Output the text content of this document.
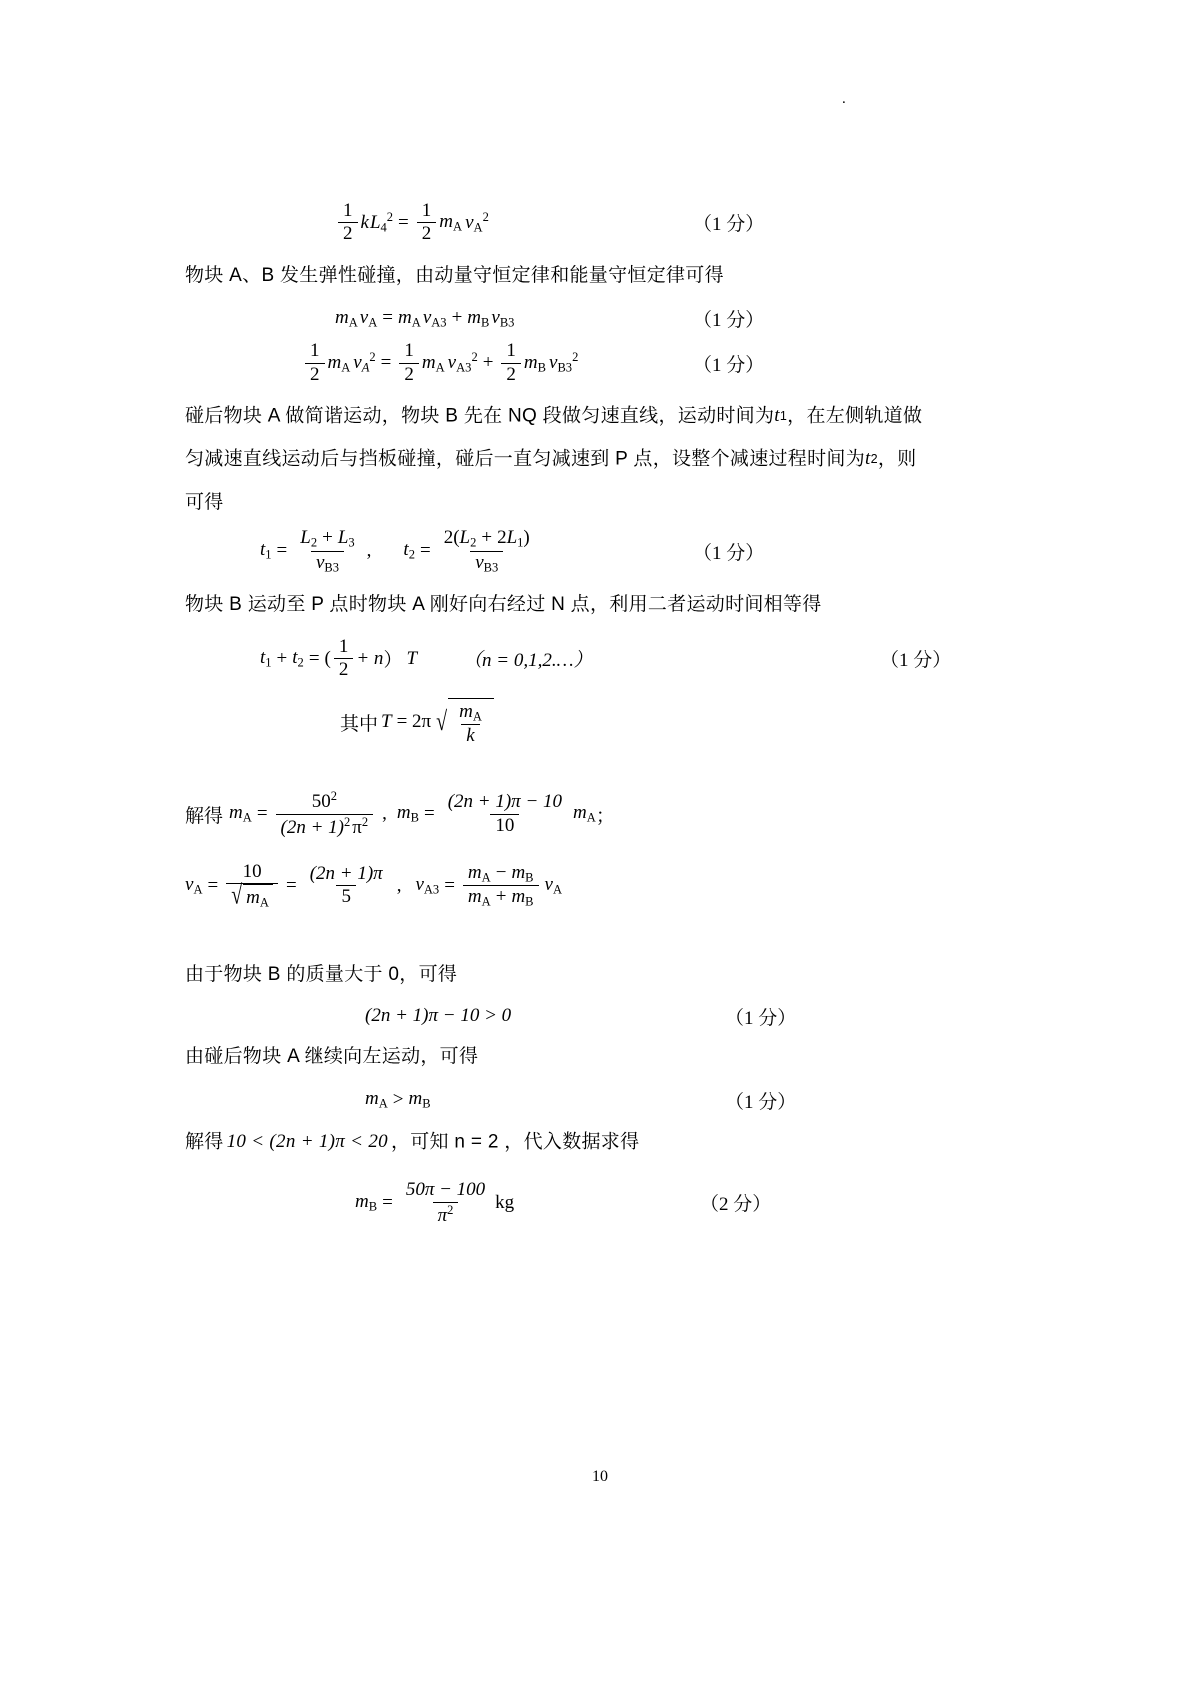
.
$\frac{1}{2}$ k $L_4^2 = \frac{1}{2} m_A$ $v_A^2$	（1 分）

物块 A、B 发生弹性碰撞，由动量守恒定律和能量守恒定律可得

$m_A$ $v_A = m_A$ $v_{A3} + m_B$ $v_{B3}$	（1 分）
$\frac{1}{2} m_A$ $vA^2 = \frac{1}{2} m_A$ $v_{A3}^2 + \frac{1}{2} m_B$ $v_{B3}^2$	（1 分）

碰后物块 A 做简谐运动，物块 B 先在 NQ 段做匀速直线，运动时间为 t 1 ，在左侧轨道做

匀减速直线运动后与挡板碰撞，碰后一直匀减速到 P 点，设整个减速过程时间为 t 2 ，则

可得

$t_1 = \frac{L_2 + L_3}{v_{B3}}$ , $t_2 = \frac{2(L_2 + 2L_1)}{v_{B3}}$	（1 分）

物块 B 运动至 P 点时物块 A 刚好向右经过 N 点，利用二者运动时间相等得

$t_1 + t_2$ = ( $\frac{1}{2} + n$ ） T （n = 0,1,2.…）	（1 分）
其中 T = 2π √ $\frac{m_A}{k}$
解得 $m_A = \frac{50^2}{(2n + 1)^2 \pi^2}$ , $m_B = \frac{(2n + 1)\pi - 10}{10} m_A$ ；
$v_A = \frac{10}{√ m_A} = \frac{(2n + 1)\pi}{5}$ , $v_{A3} = \frac{m_A - m_B}{m_A + m_B} v_A$

由于物块 B 的质量大于 0，可得

(2n + 1)π − 10 > 0	（1 分）

由碰后物块 A 继续向左运动，可得

$m_A > m_B$	（1 分）

解得 10 < (2n + 1)π < 20 ，可知 n = 2 ，代入数据求得

$m_B = \frac{50\pi - 100}{\pi^2}$ kg	（2 分）
10
